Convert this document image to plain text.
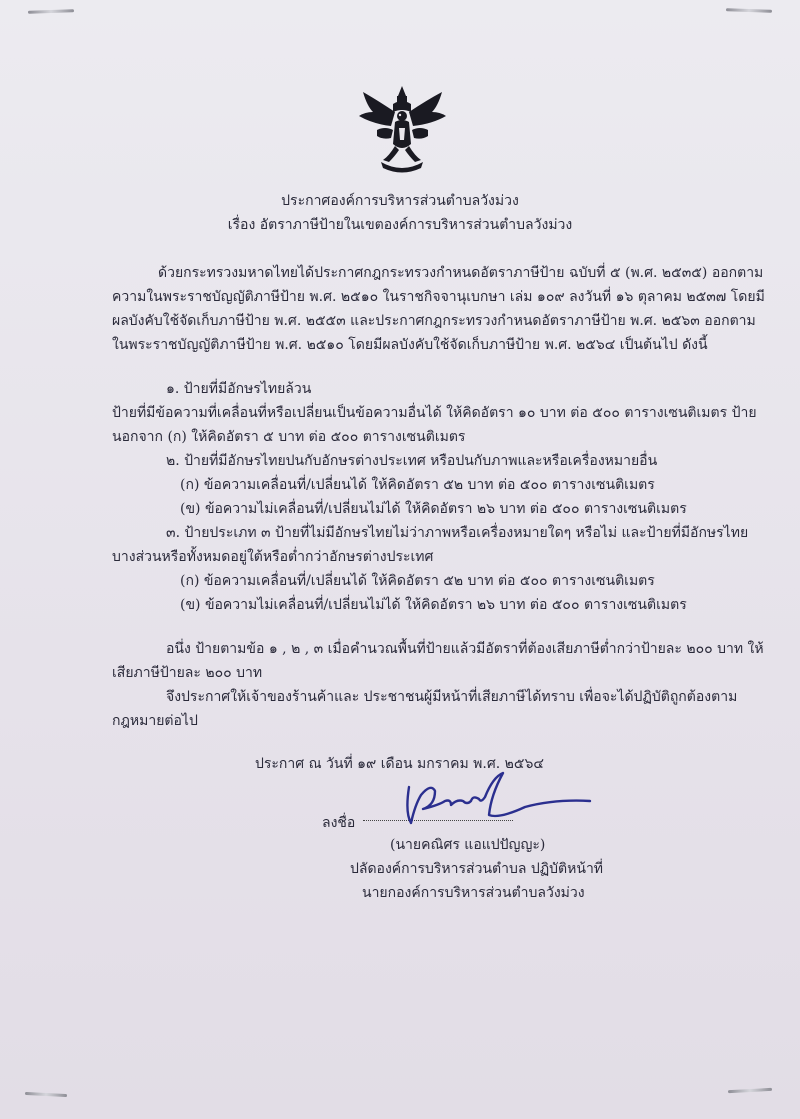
ประกาศองค์การบริหารส่วนตำบลวังม่วง
เรื่อง อัตราภาษีป้ายในเขตองค์การบริหารส่วนตำบลวังม่วง
ด้วยกระทรวงมหาดไทยได้ประกาศกฎกระทรวงกำหนดอัตราภาษีป้าย ฉบับที่ ๕ (พ.ศ. ๒๕๓๕) ออกตาม
ความในพระราชบัญญัติภาษีป้าย พ.ศ. ๒๕๑๐ ในราชกิจจานุเบกษา เล่ม ๑๐๙ ลงวันที่ ๑๖ ตุลาคม ๒๕๓๗ โดยมี
ผลบังคับใช้จัดเก็บภาษีป้าย พ.ศ. ๒๕๕๓ และประกาศกฎกระทรวงกำหนดอัตราภาษีป้าย พ.ศ. ๒๕๖๓ ออกตาม
ในพระราชบัญญัติภาษีป้าย พ.ศ. ๒๕๑๐ โดยมีผลบังคับใช้จัดเก็บภาษีป้าย พ.ศ. ๒๕๖๔ เป็นต้นไป ดังนี้
๑. ป้ายที่มีอักษรไทยล้วน
ป้ายที่มีข้อความที่เคลื่อนที่หรือเปลี่ยนเป็นข้อความอื่นได้ ให้คิดอัตรา ๑๐ บาท ต่อ ๕๐๐ ตารางเซนติเมตร ป้าย
นอกจาก (ก) ให้คิดอัตรา ๕ บาท ต่อ ๕๐๐ ตารางเซนติเมตร
๒. ป้ายที่มีอักษรไทยปนกับอักษรต่างประเทศ หรือปนกับภาพและหรือเครื่องหมายอื่น
(ก) ข้อความเคลื่อนที่/เปลี่ยนได้ ให้คิดอัตรา ๕๒ บาท ต่อ ๕๐๐ ตารางเซนติเมตร
(ข) ข้อความไม่เคลื่อนที่/เปลี่ยนไม่ได้ ให้คิดอัตรา ๒๖ บาท ต่อ ๕๐๐ ตารางเซนติเมตร
๓. ป้ายประเภท ๓ ป้ายที่ไม่มีอักษรไทยไม่ว่าภาพหรือเครื่องหมายใดๆ หรือไม่ และป้ายที่มีอักษรไทย
บางส่วนหรือทั้งหมดอยู่ใต้หรือต่ำกว่าอักษรต่างประเทศ
(ก) ข้อความเคลื่อนที่/เปลี่ยนได้ ให้คิดอัตรา ๕๒ บาท ต่อ ๕๐๐ ตารางเซนติเมตร
(ข) ข้อความไม่เคลื่อนที่/เปลี่ยนไม่ได้ ให้คิดอัตรา ๒๖ บาท ต่อ ๕๐๐ ตารางเซนติเมตร
อนึ่ง ป้ายตามข้อ ๑ , ๒ , ๓ เมื่อคำนวณพื้นที่ป้ายแล้วมีอัตราที่ต้องเสียภาษีต่ำกว่าป้ายละ ๒๐๐ บาท ให้
เสียภาษีป้ายละ ๒๐๐ บาท
จึงประกาศให้เจ้าของร้านค้าและ ประชาชนผู้มีหน้าที่เสียภาษีได้ทราบ เพื่อจะได้ปฏิบัติถูกต้องตาม
กฎหมายต่อไป
ประกาศ ณ วันที่ ๑๙ เดือน มกราคม พ.ศ. ๒๕๖๔
ลงชื่อ
(นายคณิศร แอแปปัญญะ)
ปลัดองค์การบริหารส่วนตำบล ปฏิบัติหน้าที่
นายกองค์การบริหารส่วนตำบลวังม่วง
